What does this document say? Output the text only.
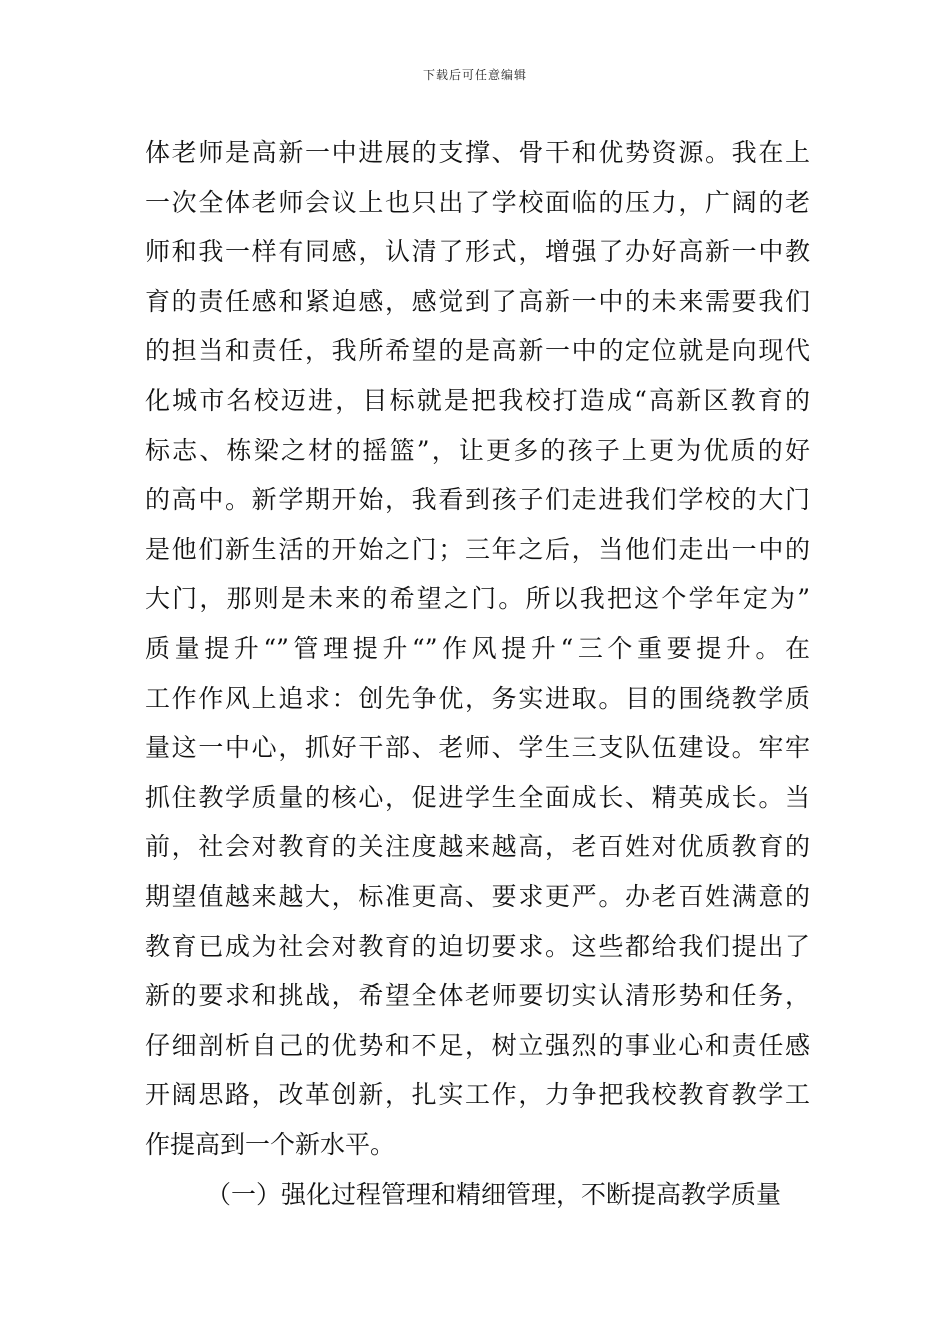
下载后可任意编辑
体老师是高新一中进展的支撑、骨干和优势资源。我在上
一次全体老师会议上也只出了学校面临的压力，广阔的老
师和我一样有同感，认清了形式，增强了办好高新一中教
育的责任感和紧迫感，感觉到了高新一中的未来需要我们
的担当和责任，我所希望的是高新一中的定位就是向现代
化城市名校迈进，目标就是把我校打造成“高新区教育的
标志、栋梁之材的摇篮”，让更多的孩子上更为优质的好
的高中。新学期开始，我看到孩子们走进我们学校的大门
是他们新生活的开始之门；三年之后，当他们走出一中的
大门，那则是未来的希望之门。所以我把这个学年定为”
质量提升“”管理提升“”作风提升“三个重要提升。在
工作作风上追求：创先争优，务实进取。目的围绕教学质
量这一中心，抓好干部、老师、学生三支队伍建设。牢牢
抓住教学质量的核心，促进学生全面成长、精英成长。当
前，社会对教育的关注度越来越高，老百姓对优质教育的
期望值越来越大，标准更高、要求更严。办老百姓满意的
教育已成为社会对教育的迫切要求。这些都给我们提出了
新的要求和挑战，希望全体老师要切实认清形势和任务，
仔细剖析自己的优势和不足，树立强烈的事业心和责任感
开阔思路，改革创新，扎实工作，力争把我校教育教学工
作提高到一个新水平。
（一）强化过程管理和精细管理，不断提高教学质量
